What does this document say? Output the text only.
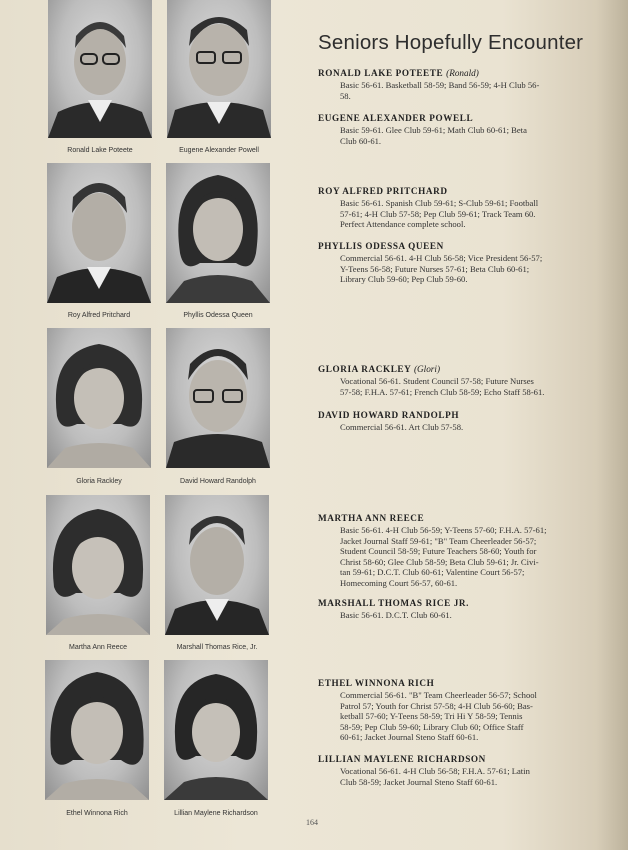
Ronald Lake Poteete	Eugene Alexander Powell
Roy Alfred Pritchard	Phyllis Odessa Queen
Gloria Rackley	David Howard Randolph
Martha Ann Reece	Marshall Thomas Rice, Jr.
Ethel Winnona Rich	Lillian Maylene Richardson
Seniors Hopefully Encounter
RONALD LAKE POTEETE (Ronald)
Basic 56-61. Basketball 58-59; Band 56-59; 4-H Club 56-
58.
EUGENE ALEXANDER POWELL
Basic 59-61. Glee Club 59-61; Math Club 60-61; Beta
Club 60-61.
ROY ALFRED PRITCHARD
Basic 56-61. Spanish Club 59-61; S-Club 59-61; Football
57-61; 4-H Club 57-58; Pep Club 59-61; Track Team 60.
Perfect Attendance complete school.
PHYLLIS ODESSA QUEEN
Commercial 56-61. 4-H Club 56-58; Vice President 56-57;
Y-Teens 56-58; Future Nurses 57-61; Beta Club 60-61;
Library Club 59-60; Pep Club 59-60.
GLORIA RACKLEY (Glori)
Vocational 56-61. Student Council 57-58; Future Nurses
57-58; F.H.A. 57-61; French Club 58-59; Echo Staff 58-61.
DAVID HOWARD RANDOLPH
Commercial 56-61. Art Club 57-58.
MARTHA ANN REECE
Basic 56-61. 4-H Club 56-59; Y-Teens 57-60; F.H.A. 57-61;
Jacket Journal Staff 59-61; "B" Team Cheerleader 56-57;
Student Council 58-59; Future Teachers 58-60; Youth for
Christ 58-60; Glee Club 58-59; Beta Club 59-61; Jr. Civi-
tan 59-61; D.C.T. Club 60-61; Valentine Court 56-57;
Homecoming Court 56-57, 60-61.
MARSHALL THOMAS RICE JR.
Basic 56-61. D.C.T. Club 60-61.
ETHEL WINNONA RICH
Commercial 56-61. "B" Team Cheerleader 56-57; School
Patrol 57; Youth for Christ 57-58; 4-H Club 56-60; Bas-
ketball 57-60; Y-Teens 58-59; Tri Hi Y 58-59; Tennis
58-59; Pep Club 59-60; Library Club 60; Office Staff
60-61; Jacket Journal Steno Staff 60-61.
LILLIAN MAYLENE RICHARDSON
Vocational 56-61. 4-H Club 56-58; F.H.A. 57-61; Latin
Club 58-59; Jacket Journal Steno Staff 60-61.
164
